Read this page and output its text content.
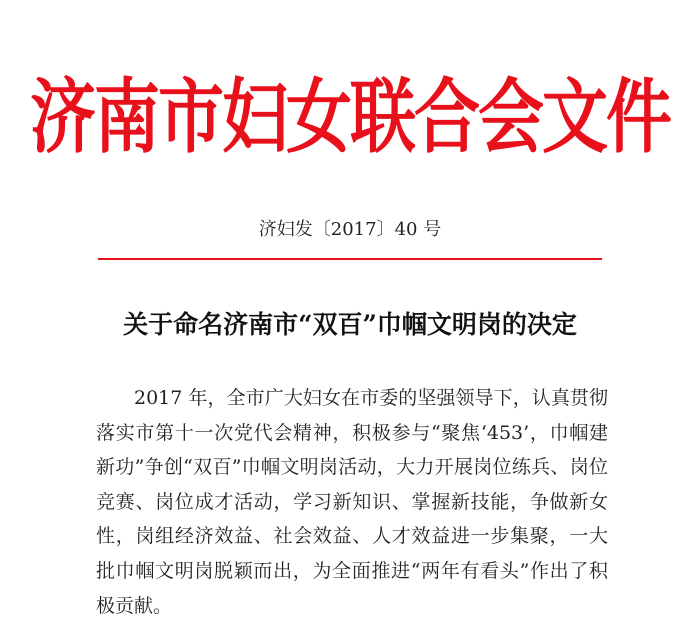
济南市妇女联合会文件
济妇发〔2017〕40 号
关于命名济南市“双百”巾帼文明岗的决定

2017 年，全市广大妇女在市委的坚强领导下，认真贯彻落实市第十一次党代会精神，积极参与“聚焦‘453’，巾帼建新功”争创“双百”巾帼文明岗活动，大力开展岗位练兵、岗位竞赛、岗位成才活动，学习新知识、掌握新技能，争做新女性，岗组经济效益、社会效益、人才效益进一步集聚，一大批巾帼文明岗脱颖而出，为全面推进“两年有看头”作出了积极贡献。
